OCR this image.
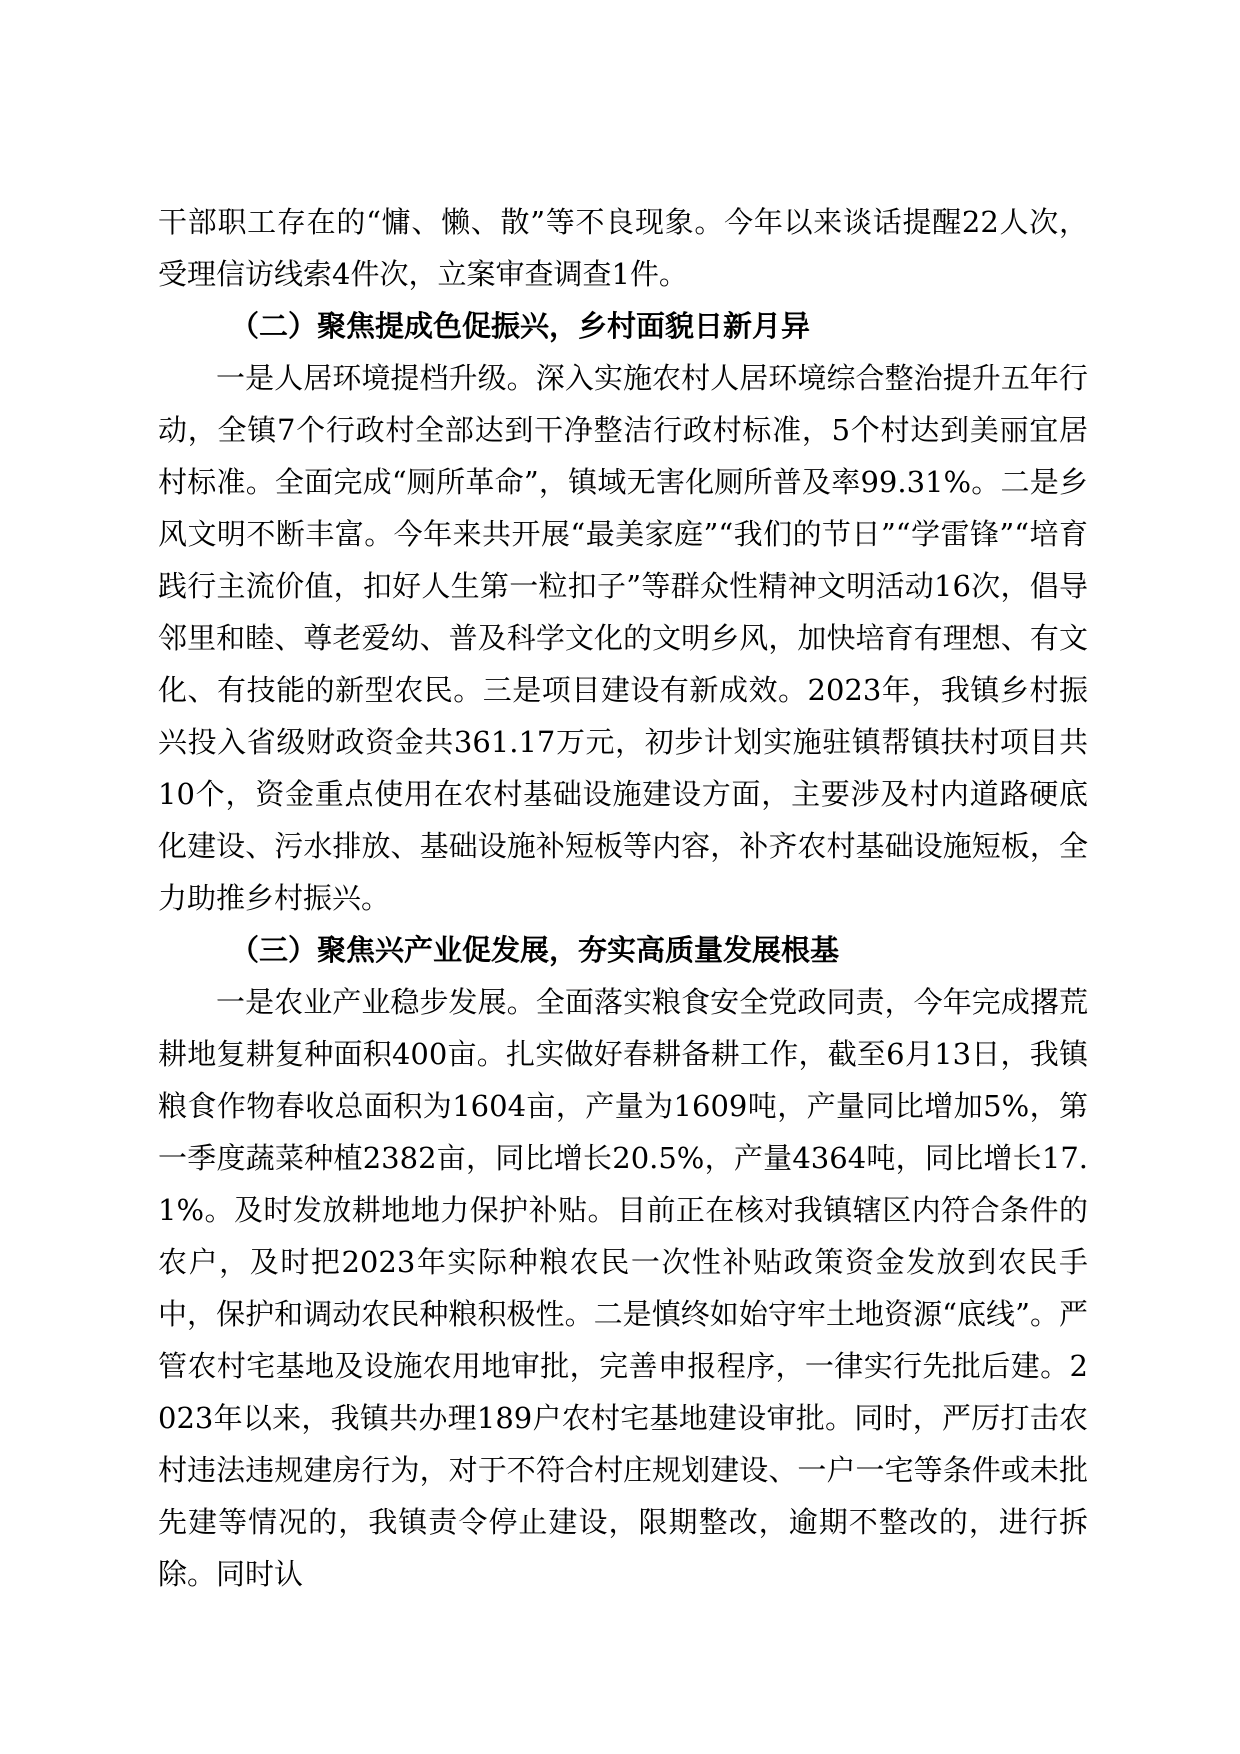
干部职工存在的“慵、懒、散”等不良现象。今年以来谈话提醒22人次，受理信访线索4件次，立案审查调查1件。

（二）聚焦提成色促振兴，乡村面貌日新月异

一是人居环境提档升级。深入实施农村人居环境综合整治提升五年行动，全镇7个行政村全部达到干净整洁行政村标准，5个村达到美丽宜居村标准。全面完成“厕所革命”，镇域无害化厕所普及率99.31%。二是乡风文明不断丰富。今年来共开展“最美家庭”“我们的节日”“学雷锋”“培育践行主流价值，扣好人生第一粒扣子”等群众性精神文明活动16次，倡导邻里和睦、尊老爱幼、普及科学文化的文明乡风，加快培育有理想、有文化、有技能的新型农民。三是项目建设有新成效。2023年，我镇乡村振兴投入省级财政资金共361.17万元，初步计划实施驻镇帮镇扶村项目共10个，资金重点使用在农村基础设施建设方面，主要涉及村内道路硬底化建设、污水排放、基础设施补短板等内容，补齐农村基础设施短板，全力助推乡村振兴。

（三）聚焦兴产业促发展，夯实高质量发展根基

一是农业产业稳步发展。全面落实粮食安全党政同责，今年完成撂荒耕地复耕复种面积400亩。扎实做好春耕备耕工作，截至6月13日，我镇粮食作物春收总面积为1604亩，产量为1609吨，产量同比增加5%，第一季度蔬菜种植2382亩，同比增长20.5%，产量4364吨，同比增长17.1%。及时发放耕地地力保护补贴。目前正在核对我镇辖区内符合条件的农户，及时把2023年实际种粮农民一次性补贴政策资金发放到农民手中，保护和调动农民种粮积极性。二是慎终如始守牢土地资源“底线”。严管农村宅基地及设施农用地审批，完善申报程序，一律实行先批后建。2023年以来，我镇共办理189户农村宅基地建设审批。同时，严厉打击农村违法违规建房行为，对于不符合村庄规划建设、一户一宅等条件或未批先建等情况的，我镇责令停止建设，限期整改，逾期不整改的，进行拆除。同时认
